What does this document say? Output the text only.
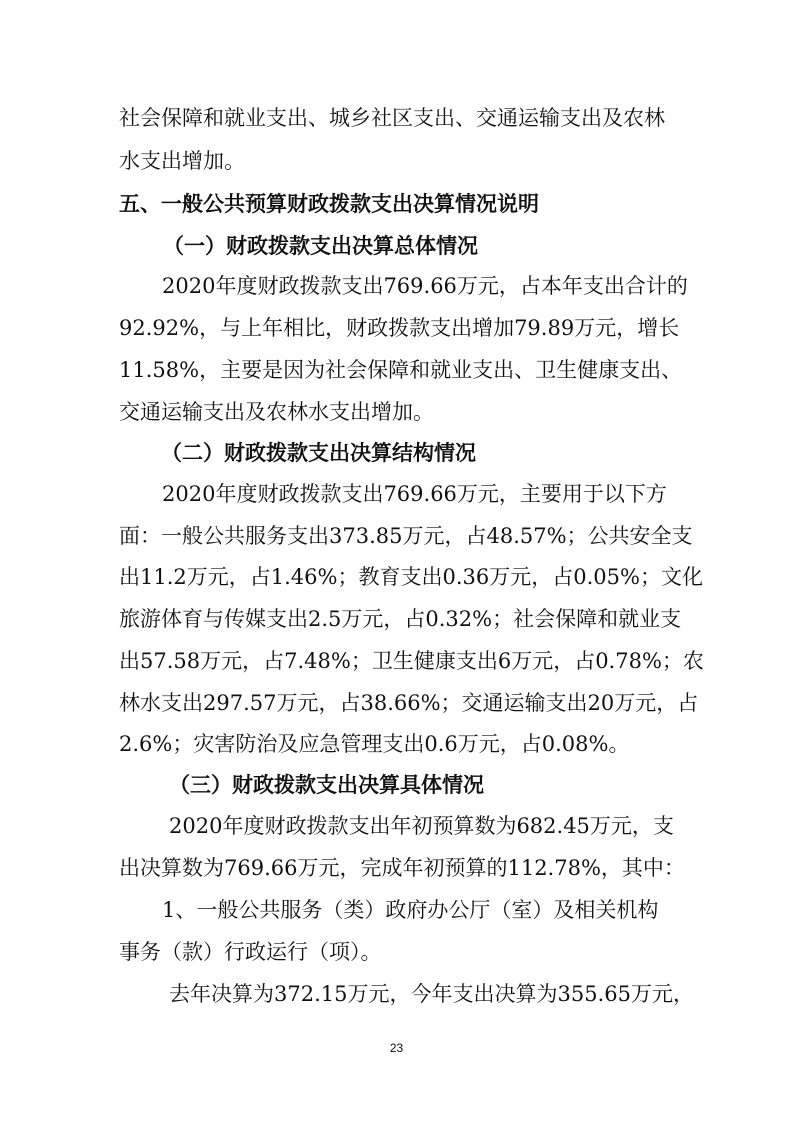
社会保障和就业支出、城乡社区支出、交通运输支出及农林
水支出增加。
五、一般公共预算财政拨款支出决算情况说明
（一）财政拨款支出决算总体情况
2020年度财政拨款支出769.66万元，占本年支出合计的
92.92%，与上年相比，财政拨款支出增加79.89万元，增长
11.58%，主要是因为社会保障和就业支出、卫生健康支出、
交通运输支出及农林水支出增加。
（二）财政拨款支出决算结构情况
2020年度财政拨款支出769.66万元，主要用于以下方
面：一般公共服务支出373.85万元，占48.57%；公共安全支
出11.2万元，占1.46%；教育支出0.36万元，占0.05%；文化
旅游体育与传媒支出2.5万元，占0.32%；社会保障和就业支
出57.58万元，占7.48%；卫生健康支出6万元，占0.78%；农
林水支出297.57万元，占38.66%；交通运输支出20万元，占
2.6%；灾害防治及应急管理支出0.6万元，占0.08%。
（三）财政拨款支出决算具体情况
2020年度财政拨款支出年初预算数为682.45万元，支
出决算数为769.66万元，完成年初预算的112.78%，其中：
1、一般公共服务（类）政府办公厅（室）及相关机构
事务（款）行政运行（项）。
去年决算为372.15万元，今年支出决算为355.65万元，
23
